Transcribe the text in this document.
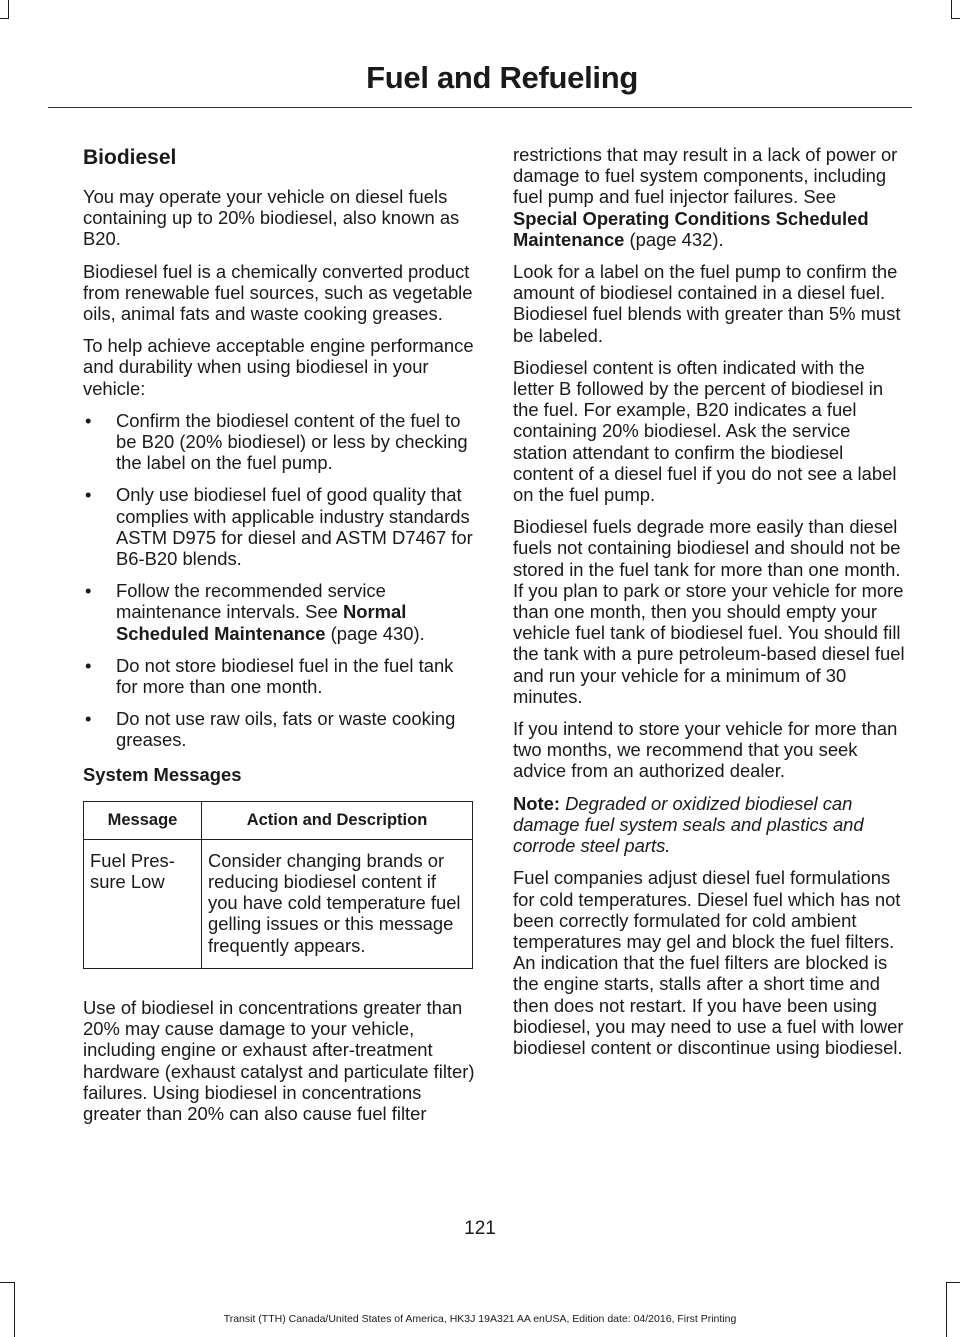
Fuel and Refueling
Biodiesel

You may operate your vehicle on diesel fuels containing up to 20% biodiesel, also known as B20.

Biodiesel fuel is a chemically converted product from renewable fuel sources, such as vegetable oils, animal fats and waste cooking greases.

To help achieve acceptable engine performance and durability when using biodiesel in your vehicle:

• Confirm the biodiesel content of the fuel to be B20 (20% biodiesel) or less by checking the label on the fuel pump.
• Only use biodiesel fuel of good quality that complies with applicable industry standards ASTM D975 for diesel and ASTM D7467 for B6-B20 blends.
• Follow the recommended service maintenance intervals. See Normal Scheduled Maintenance (page 430).
• Do not store biodiesel fuel in the fuel tank for more than one month.
• Do not use raw oils, fats or waste cooking greases.
System Messages
Message	Action and Description
Fuel Pres-sure Low	Consider changing brands or reducing biodiesel content if you have cold temperature fuel gelling issues or this message frequently appears.

Use of biodiesel in concentrations greater than 20% may cause damage to your vehicle, including engine or exhaust after-treatment hardware (exhaust catalyst and particulate filter) failures. Using biodiesel in concentrations greater than 20% can also cause fuel filter

restrictions that may result in a lack of power or damage to fuel system components, including fuel pump and fuel injector failures. See Special Operating Conditions Scheduled Maintenance (page 432).

Look for a label on the fuel pump to confirm the amount of biodiesel contained in a diesel fuel. Biodiesel fuel blends with greater than 5% must be labeled.

Biodiesel content is often indicated with the letter B followed by the percent of biodiesel in the fuel. For example, B20 indicates a fuel containing 20% biodiesel. Ask the service station attendant to confirm the biodiesel content of a diesel fuel if you do not see a label on the fuel pump.

Biodiesel fuels degrade more easily than diesel fuels not containing biodiesel and should not be stored in the fuel tank for more than one month. If you plan to park or store your vehicle for more than one month, then you should empty your vehicle fuel tank of biodiesel fuel. You should fill the tank with a pure petroleum-based diesel fuel and run your vehicle for a minimum of 30 minutes.

If you intend to store your vehicle for more than two months, we recommend that you seek advice from an authorized dealer.

Note: Degraded or oxidized biodiesel can damage fuel system seals and plastics and corrode steel parts.

Fuel companies adjust diesel fuel formulations for cold temperatures. Diesel fuel which has not been correctly formulated for cold ambient temperatures may gel and block the fuel filters. An indication that the fuel filters are blocked is the engine starts, stalls after a short time and then does not restart. If you have been using biodiesel, you may need to use a fuel with lower biodiesel content or discontinue using biodiesel.

121
Transit (TTH) Canada/United States of America, HK3J 19A321 AA enUSA, Edition date: 04/2016, First Printing
